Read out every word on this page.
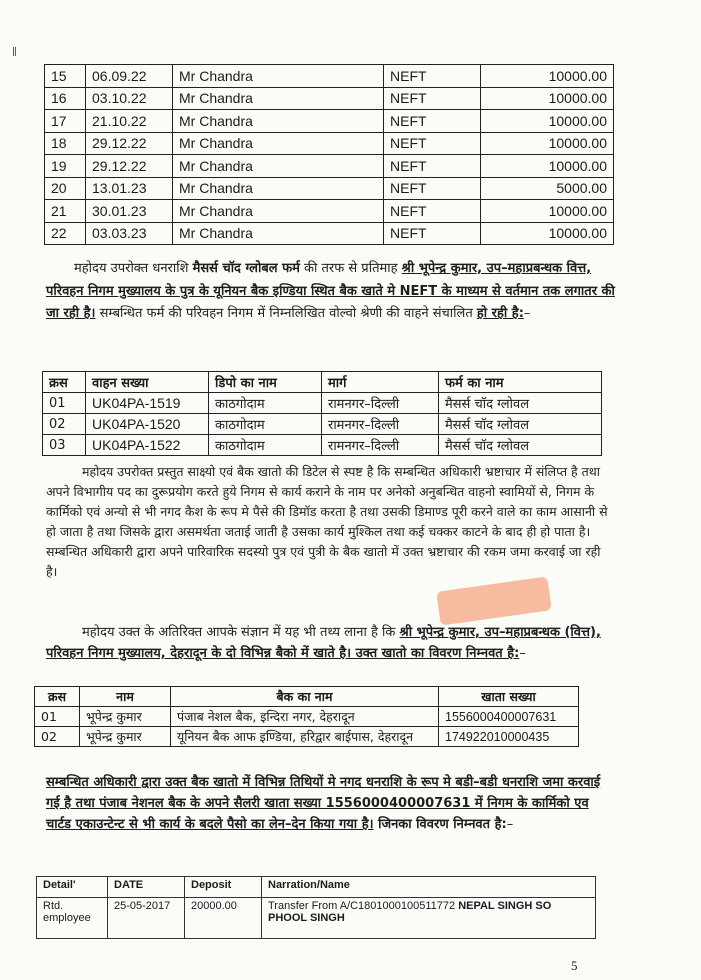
ǁ
15	06.09.22	Mr Chandra	NEFT	10000.00
16	03.10.22	Mr Chandra	NEFT	10000.00
17	21.10.22	Mr Chandra	NEFT	10000.00
18	29.12.22	Mr Chandra	NEFT	10000.00
19	29.12.22	Mr Chandra	NEFT	10000.00
20	13.01.23	Mr Chandra	NEFT	5000.00
21	30.01.23	Mr Chandra	NEFT	10000.00
22	03.03.23	Mr Chandra	NEFT	10000.00
महोदय उपरोक्त धनराशि मैसर्स चॉद ग्लोबल फर्म की तरफ से प्रतिमाह श्री भूपेन्द्र कुमार, उप–महाप्रबन्धक वित्त, परिवहन निगम मुख्यालय के पुत्र के यूनियन बैक इण्डिया स्थित बैक खाते मे NEFT के माध्यम से वर्तमान तक लगातर की जा रही है। सम्बन्धित फर्म की परिवहन निगम में निम्नलिखित वोल्वो श्रेणी की वाहने संचालित हो रही है:–
क्रस	वाहन सख्या	डिपो का नाम	मार्ग	फर्म का नाम
01	UK04PA-1519	काठगोदाम	रामनगर–दिल्ली	मैसर्स चॉद ग्लोवल
02	UK04PA-1520	काठगोदाम	रामनगर–दिल्ली	मैसर्स चॉद ग्लोवल
03	UK04PA-1522	काठगोदाम	रामनगर–दिल्ली	मैसर्स चॉद ग्लोवल
महोदय उपरोक्त प्रस्तुत साक्ष्यो एवं बैक खातो की डिटेल से स्पष्ट है कि सम्बन्धित अधिकारी भ्रष्टाचार में संलिप्त है तथा अपने विभागीय पद का दुरूप्रयोग करते हुये निगम से कार्य कराने के नाम पर अनेको अनुबन्धित वाहनो स्वामियों से, निगम के कार्मिको एवं अन्यो से भी नगद कैश के रूप मे पैसे की डिमॉड करता है तथा उसकी डिमाण्ड पूरी करने वाले का काम आसानी से हो जाता है तथा जिसके द्वारा असमर्थता जताई जाती है उसका कार्य मुश्किल तथा कई चक्कर काटने के बाद ही हो पाता है। सम्बन्धित अधिकारी द्वारा अपने पारिवारिक सदस्यो पुत्र एवं पुत्री के बैक खातो में उक्त भ्रष्टाचार की रकम जमा करवाई जा रही है।
महोदय उक्त के अतिरिक्त आपके संज्ञान में यह भी तथ्य लाना है कि श्री भूपेन्द्र कुमार, उप–महाप्रबन्धक (वित्त), परिवहन निगम मुख्यालय, देहरादून के दो विभिन्न बैको में खाते है। उक्त खातो का विवरण निम्नवत है:–
क्रस	नाम	बैक का नाम	खाता सख्या
01	भूपेन्द्र कुमार	पंजाब नेशल बैक, इन्दिरा नगर, देहरादून	1556000400007631
02	भूपेन्द्र कुमार	यूनियन बैक आफ इण्डिया, हरिद्वार बाईपास, देहरादून	174922010000435
सम्बन्धित अधिकारी द्वारा उक्त बैक खातो में विभिन्न तिथियों मे नगद धनराशि के रूप मे बडी–बडी धनराशि जमा करवाई गई है तथा पंजाब नेशनल बैक के अपने सैलरी खाता सख्या 1556000400007631 में निगम के कार्मिको एव चार्टड एकाउन्टेन्ट से भी कार्य के बदले पैसो का लेन–देन किया गया है। जिनका विवरण निम्नवत है:–
Detail'	DATE	Deposit	Narration/Name
Rtd. employee	25-05-2017	20000.00	Transfer From A/C1801000100511772 NEPAL SINGH SO PHOOL SINGH
5
